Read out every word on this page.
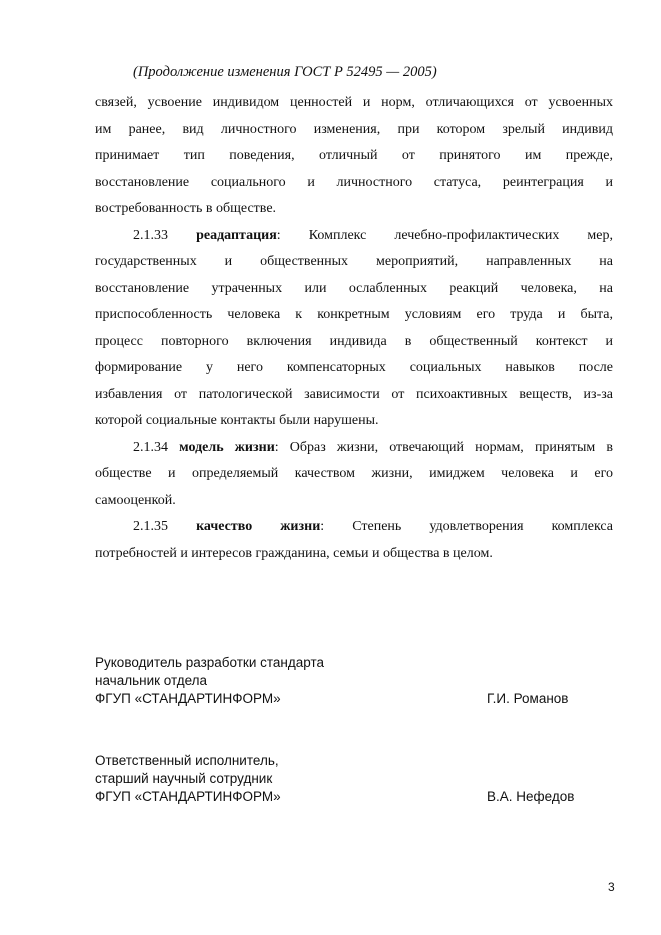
(Продолжение изменения ГОСТ Р 52495 — 2005)
связей, усвоение индивидом ценностей и норм, отличающихся от усвоенных
им ранее, вид личностного изменения, при котором зрелый индивид
принимает тип поведения, отличный от принятого им прежде,
восстановление социального и личностного статуса, реинтеграция и
востребованность в обществе.
2.1.33 реадаптация: Комплекс лечебно-профилактических мер,
государственных и общественных мероприятий, направленных на
восстановление утраченных или ослабленных реакций человека, на
приспособленность человека к конкретным условиям его труда и быта,
процесс повторного включения индивида в общественный контекст и
формирование у него компенсаторных социальных навыков после
избавления от патологической зависимости от психоактивных веществ, из-за
которой социальные контакты были нарушены.
2.1.34 модель жизни: Образ жизни, отвечающий нормам, принятым в
обществе и определяемый качеством жизни, имиджем человека и его
самооценкой.
2.1.35 качество жизни: Степень удовлетворения комплекса
потребностей и интересов гражданина, семьи и общества в целом.
Руководитель разработки стандарта
начальник отдела
ФГУП «СТАНДАРТИНФОРМ»	Г.И. Романов
Ответственный исполнитель,
старший научный сотрудник
ФГУП «СТАНДАРТИНФОРМ»	В.А. Нефедов
3
